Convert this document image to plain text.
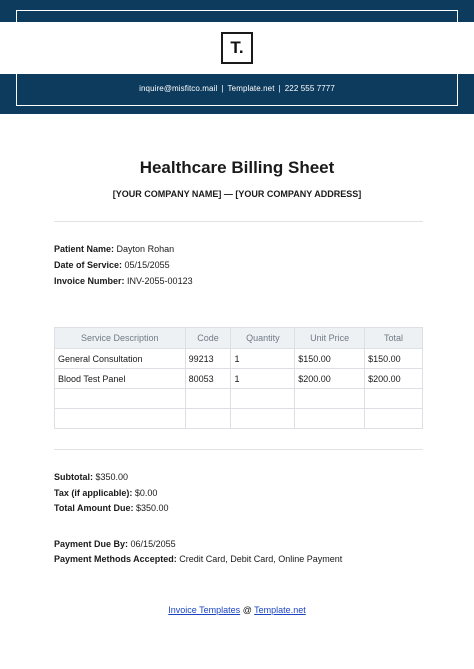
T.
inquire@misfitco.mail | Template.net | 222 555 7777
Healthcare Billing Sheet
[YOUR COMPANY NAME] — [YOUR COMPANY ADDRESS]
Patient Name: Dayton Rohan
Date of Service: 05/15/2055
Invoice Number: INV-2055-00123
Service Description	Code	Quantity	Unit Price	Total
General Consultation	99213	1	$150.00	$150.00
Blood Test Panel	80053	1	$200.00	$200.00

Subtotal: $350.00
Tax (if applicable): $0.00
Total Amount Due: $350.00
Payment Due By: 06/15/2055
Payment Methods Accepted: Credit Card, Debit Card, Online Payment
Invoice Templates @ Template.net
